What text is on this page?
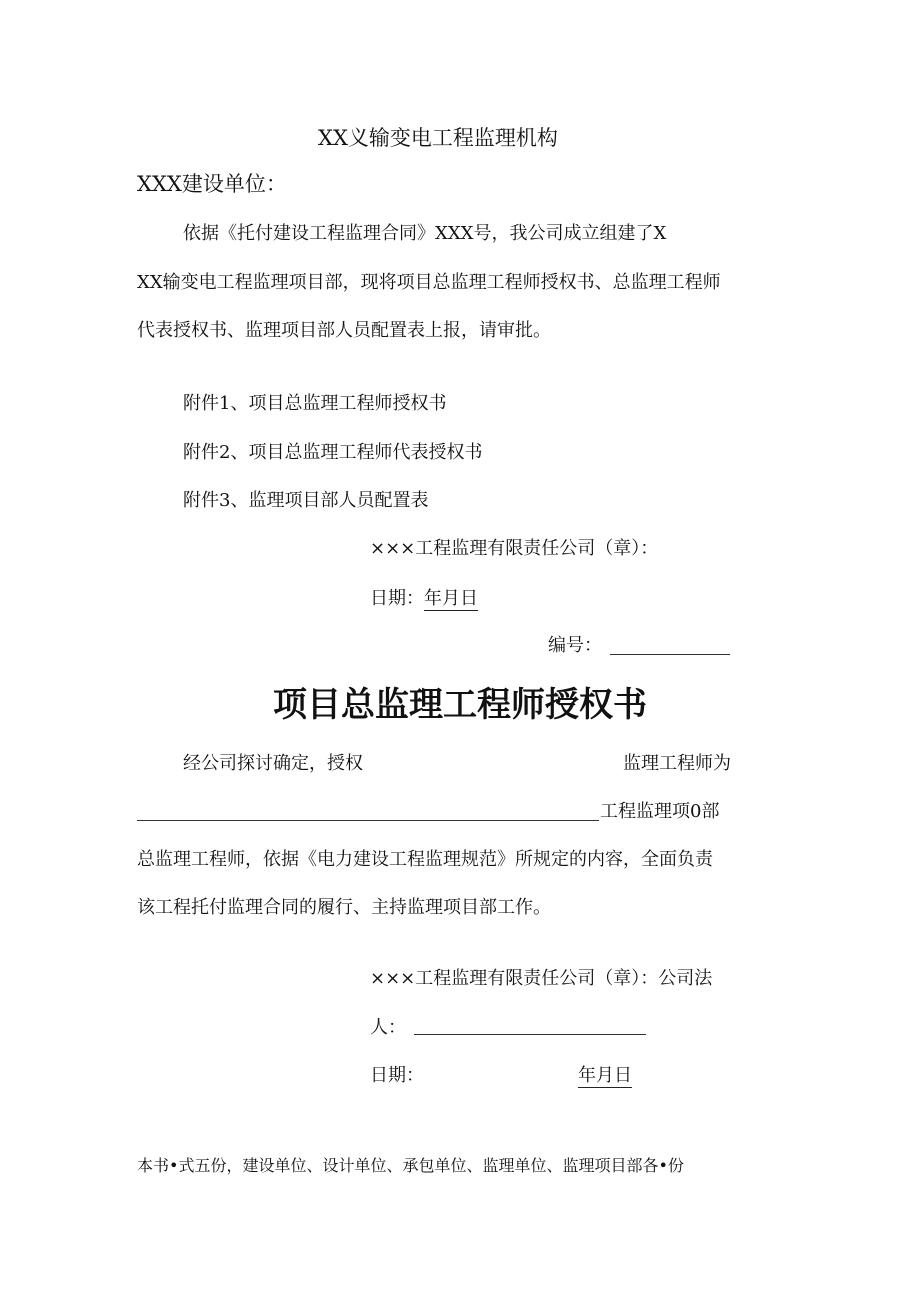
XX义输变电工程监理机构
XXX建设单位：
依据《托付建设工程监理合同》XXX号，我公司成立组建了X
XX输变电工程监理项目部，现将项目总监理工程师授权书、总监理工程师
代表授权书、监理项目部人员配置表上报，请审批。
附件1、项目总监理工程师授权书
附件2、项目总监理工程师代表授权书
附件3、监理项目部人员配置表
×××工程监理有限责任公司（章）：
日期：年月日
编号：
项目总监理工程师授权书
经公司探讨确定，授权	监理工程师为
工程监理项0部
总监理工程师，依据《电力建设工程监理规范》所规定的内容，全面负责
该工程托付监理合同的履行、主持监理项目部工作。
×××工程监理有限责任公司（章）：公司法
人：
日期：	年月日
本书•式五份，建设单位、设计单位、承包单位、监理单位、监理项目部各•份
